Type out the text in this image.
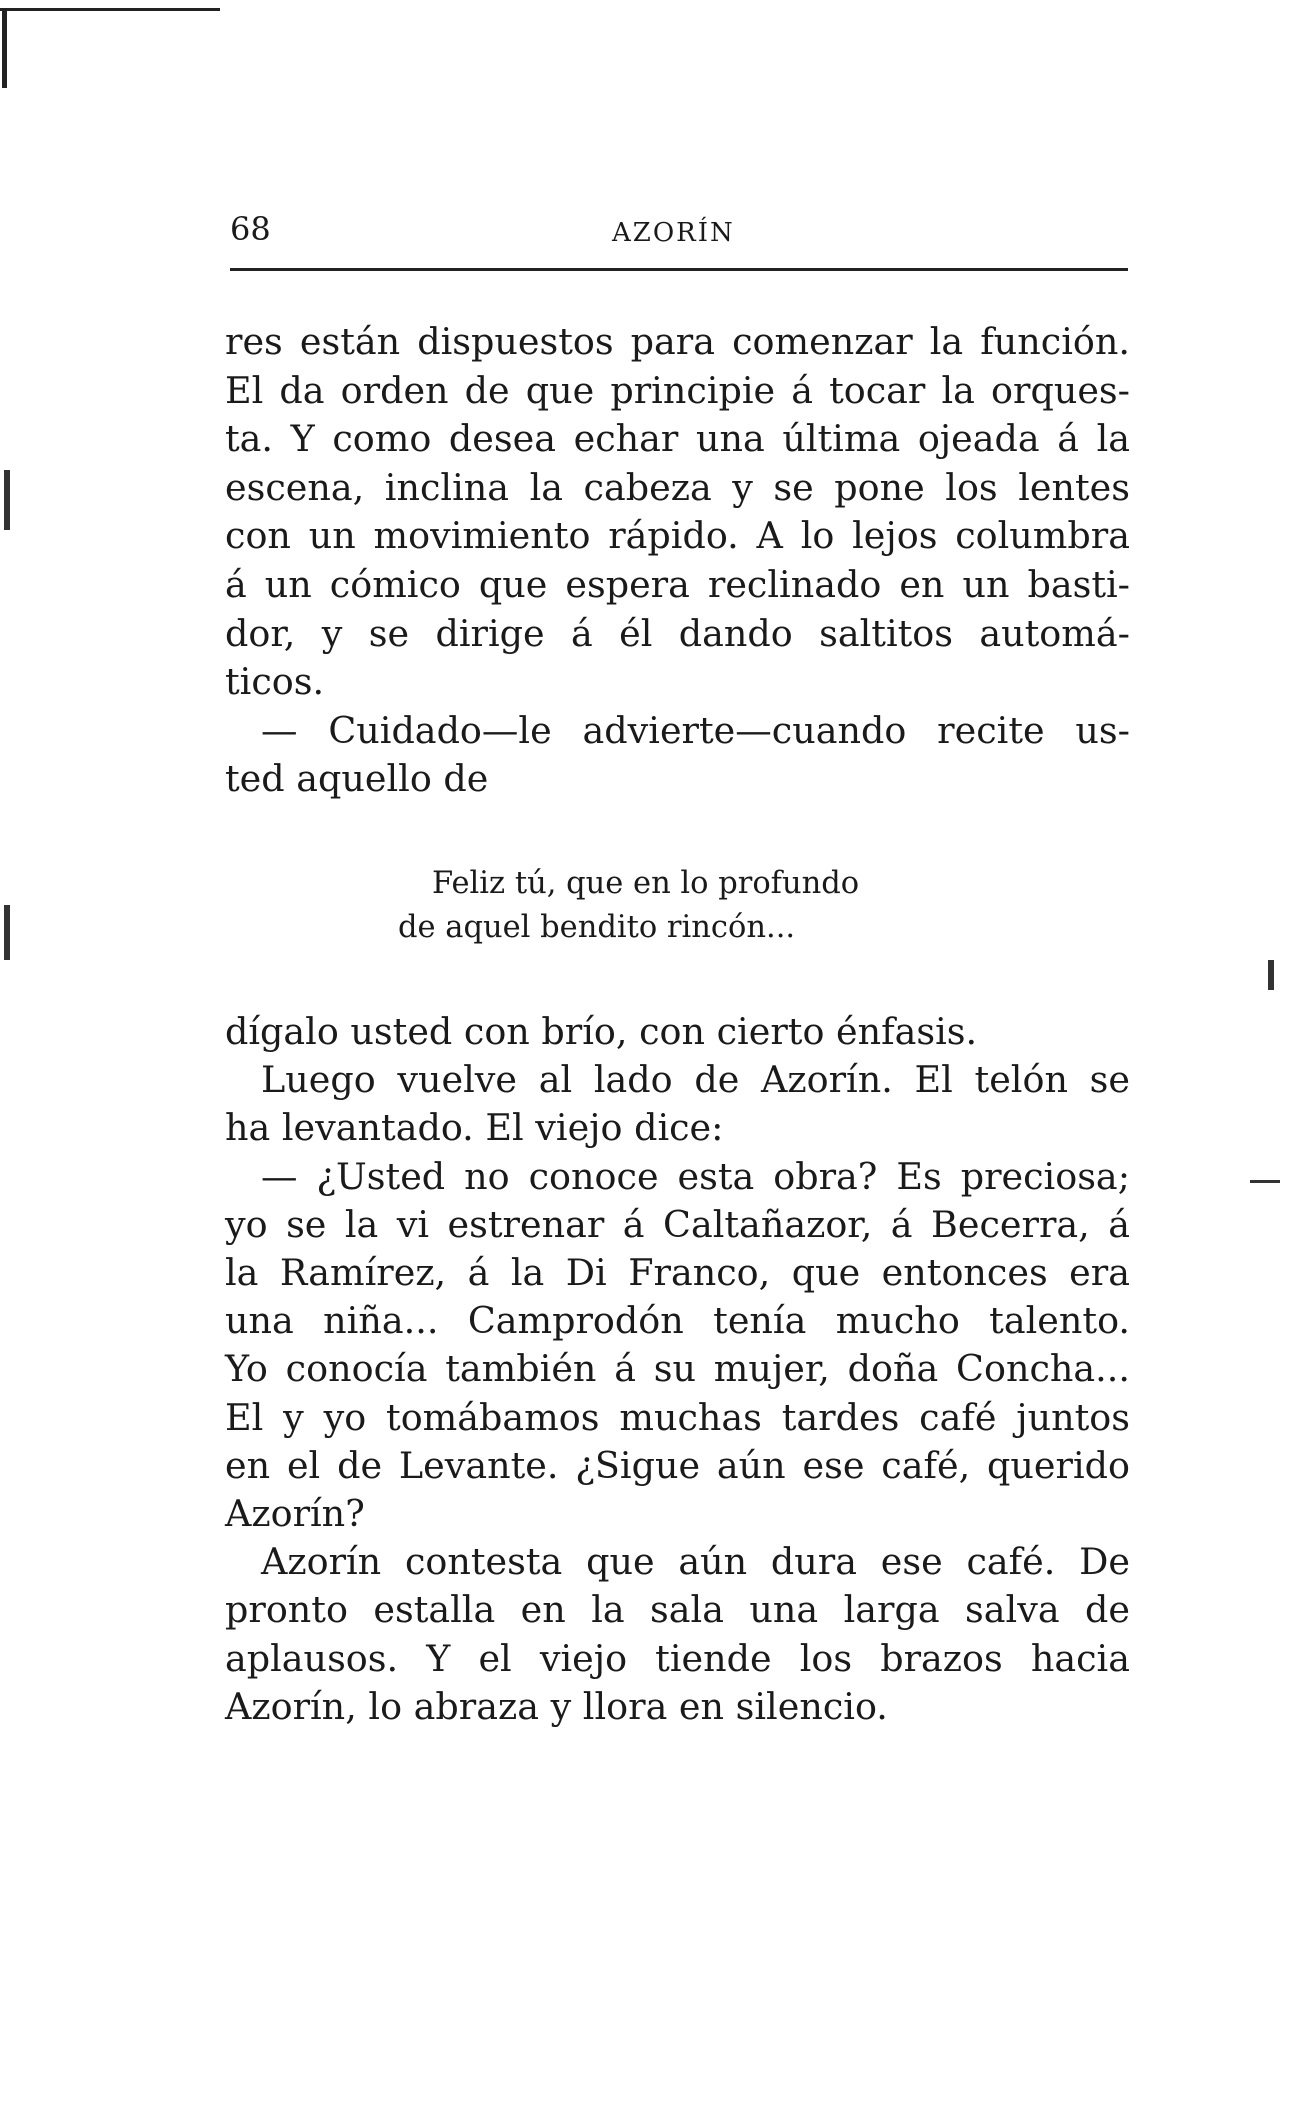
68	AZORÍN
res están dispuestos para comenzar la función.
El da orden de que principie á tocar la orques-
ta. Y como desea echar una última ojeada á la
escena, inclina la cabeza y se pone los lentes
con un movimiento rápido. A lo lejos columbra
á un cómico que espera reclinado en un basti-
dor, y se dirige á él dando saltitos automá-
ticos.
— Cuidado—le advierte—cuando recite us-
ted aquello de
Feliz tú, que en lo profundo
de aquel bendito rincón...
dígalo usted con brío, con cierto énfasis.
Luego vuelve al lado de Azorín. El telón se
ha levantado. El viejo dice:
— ¿Usted no conoce esta obra? Es preciosa;
yo se la vi estrenar á Caltañazor, á Becerra, á
la Ramírez, á la Di Franco, que entonces era
una niña... Camprodón tenía mucho talento.
Yo conocía también á su mujer, doña Concha...
El y yo tomábamos muchas tardes café juntos
en el de Levante. ¿Sigue aún ese café, querido
Azorín?
Azorín contesta que aún dura ese café. De
pronto estalla en la sala una larga salva de
aplausos. Y el viejo tiende los brazos hacia
Azorín, lo abraza y llora en silencio.
